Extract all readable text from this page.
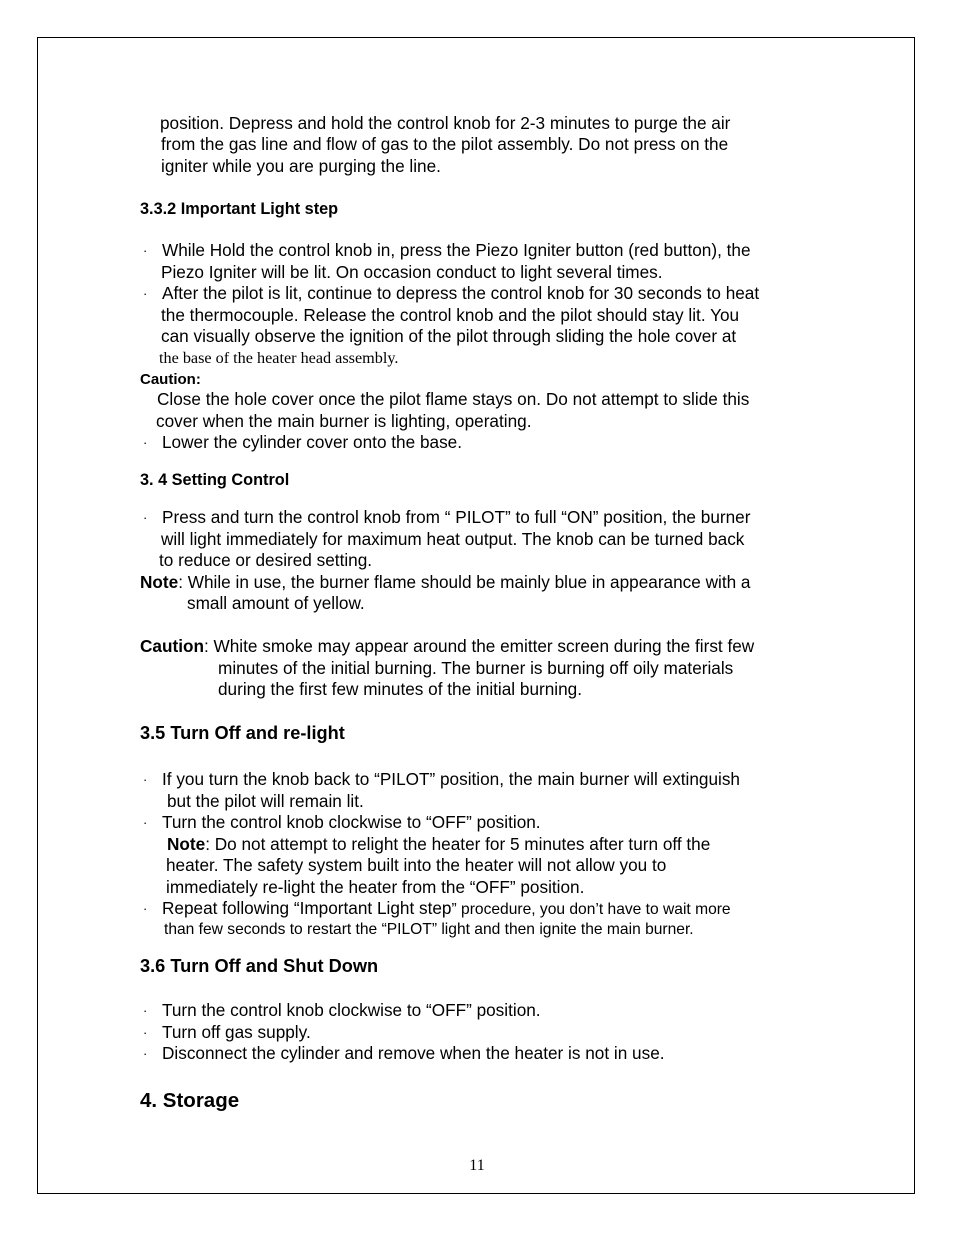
position. Depress and hold the control knob for 2-3 minutes to purge the air
from the gas line and flow of gas to the pilot assembly. Do not press on the
igniter while you are purging the line.
3.3.2 Important Light step
· While Hold the control knob in, press the Piezo Igniter button (red button), the
Piezo Igniter will be lit. On occasion conduct to light several times.
· After the pilot is lit, continue to depress the control knob for 30 seconds to heat
the thermocouple. Release the control knob and the pilot should stay lit. You
can visually observe the ignition of the pilot through sliding the hole cover at
the base of the heater head assembly.
Caution:
Close the hole cover once the pilot flame stays on. Do not attempt to slide this
cover when the main burner is lighting, operating.
· Lower the cylinder cover onto the base.
3. 4 Setting Control
· Press and turn the control knob from “ PILOT” to full “ON” position, the burner
will light immediately for maximum heat output. The knob can be turned back
to reduce or desired setting.
Note: While in use, the burner flame should be mainly blue in appearance with a
small amount of yellow.
Caution: White smoke may appear around the emitter screen during the first few
minutes of the initial burning. The burner is burning off oily materials
during the first few minutes of the initial burning.
3.5 Turn Off and re-light
· If you turn the knob back to “PILOT” position, the main burner will extinguish
but the pilot will remain lit.
· Turn the control knob clockwise to “OFF” position.
Note: Do not attempt to relight the heater for 5 minutes after turn off the
heater. The safety system built into the heater will not allow you to
immediately re-light the heater from the “OFF” position.
· Repeat following “Important Light step” procedure, you don’t have to wait more
than few seconds to restart the “PILOT” light and then ignite the main burner.
3.6 Turn Off and Shut Down
· Turn the control knob clockwise to “OFF” position.
· Turn off gas supply.
· Disconnect the cylinder and remove when the heater is not in use.
4. Storage
11
